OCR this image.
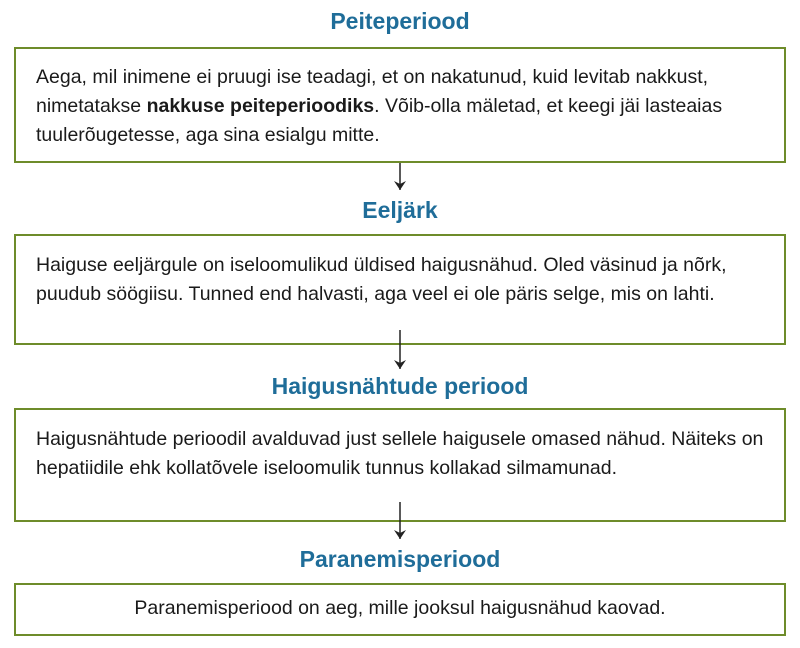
Peiteperiood

Aega, mil inimene ei pruugi ise teadagi, et on nakatunud, kuid levitab nakkust, nimetatakse nakkuse peiteperioodiks. Võib-olla mäletad, et keegi jäi lasteaias tuulerõugetesse, aga sina esialgu mitte.

Eeljärk

Haiguse eeljärgule on iseloomulikud üldised haigusnähud. Oled väsinud ja nõrk, puudub söögiisu. Tunned end halvasti, aga veel ei ole päris selge, mis on lahti.

Haigusnähtude periood

Haigusnähtude perioodil avalduvad just sellele haigusele omased nähud. Näiteks on hepatiidile ehk kollatõvele iseloomulik tunnus kollakad silmamunad.

Paranemisperiood

Paranemisperiood on aeg, mille jooksul haigusnähud kaovad.
